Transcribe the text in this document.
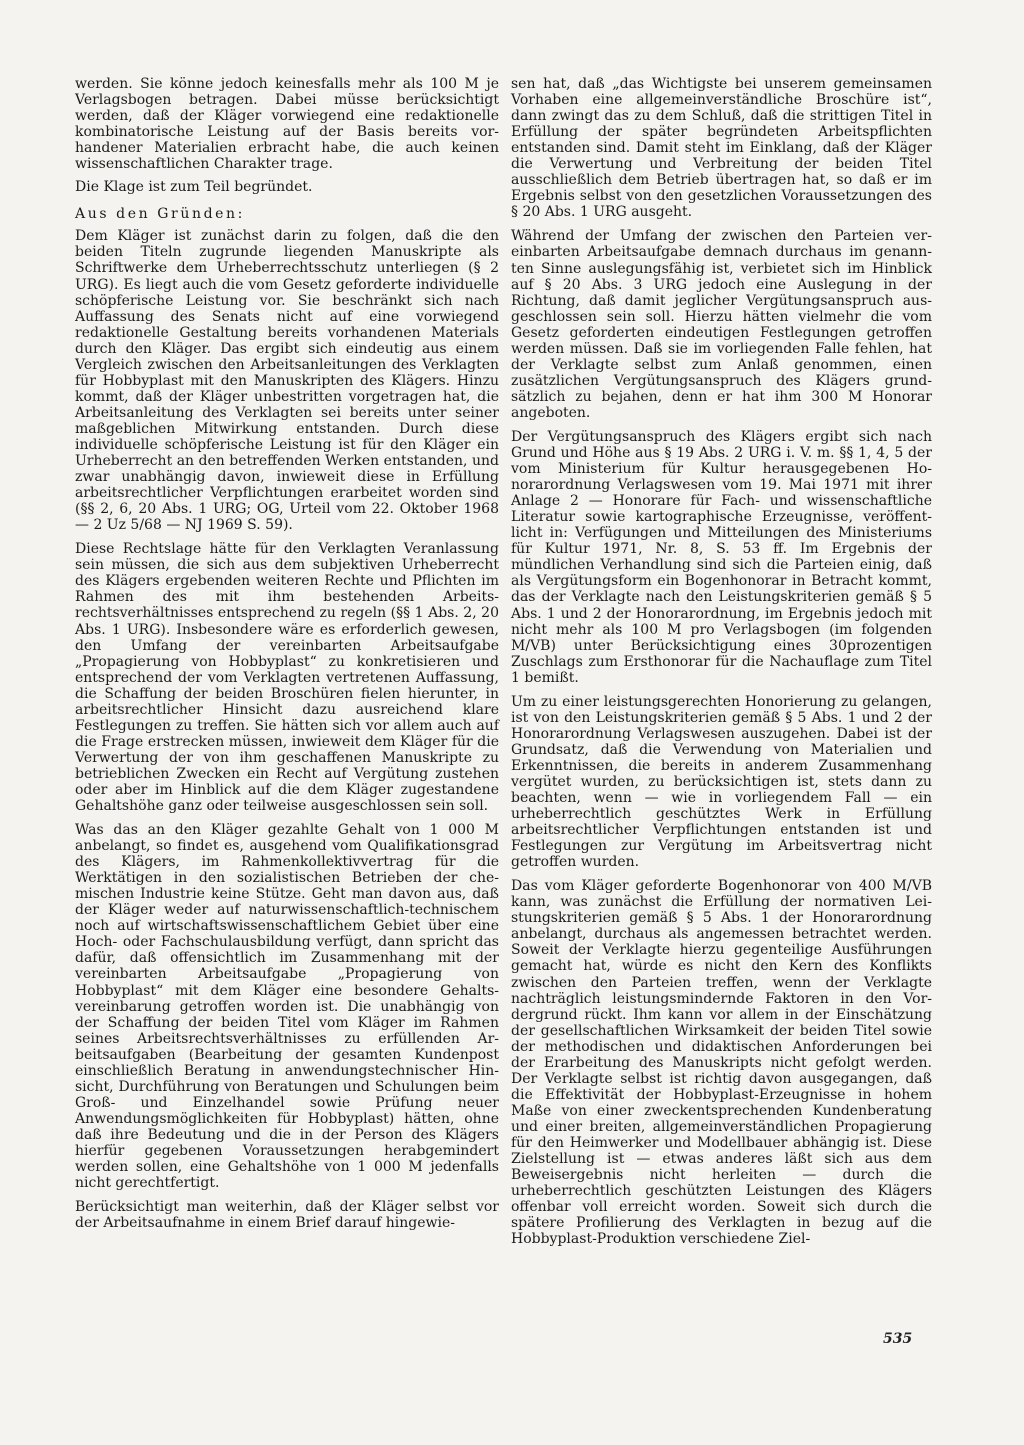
werden. Sie könne jedoch keinesfalls mehr als 100 M je Verlagsbogen betragen. Dabei müsse berücksichtigt werden, daß der Kläger vorwiegend eine redaktionelle kombinatorische Leistung auf der Basis bereits vorhandener Materialien erbracht habe, die auch keinen wissenschaftlichen Charakter trage.

Die Klage ist zum Teil begründet.

Aus den Gründen:

Dem Kläger ist zunächst darin zu folgen, daß die den beiden Titeln zugrunde liegenden Manuskripte als Schriftwerke dem Urheberrechtsschutz unterliegen (§ 2 URG). Es liegt auch die vom Gesetz geforderte individuelle schöpferische Leistung vor. Sie beschränkt sich nach Auffassung des Senats nicht auf eine vorwiegend redaktionelle Gestaltung bereits vorhandenen Materials durch den Kläger. Das ergibt sich eindeutig aus einem Vergleich zwischen den Arbeitsanleitungen des Verklagten für Hobbyplast mit den Manuskripten des Klägers. Hinzu kommt, daß der Kläger unbestritten vorgetragen hat, die Arbeitsanleitung des Verklagten sei bereits unter seiner maßgeblichen Mitwirkung entstanden. Durch diese individuelle schöpferische Leistung ist für den Kläger ein Urheberrecht an den betreffenden Werken entstanden, und zwar unabhängig davon, inwieweit diese in Erfüllung arbeitsrechtlicher Verpflichtungen erarbeitet worden sind (§§ 2, 6, 20 Abs. 1 URG; OG, Urteil vom 22. Oktober 1968 — 2 Uz 5/68 — NJ 1969 S. 59).

Diese Rechtslage hätte für den Verklagten Veranlassung sein müssen, die sich aus dem subjektiven Urheberrecht des Klägers ergebenden weiteren Rechte und Pflichten im Rahmen des mit ihm bestehenden Arbeitsrechtsverhältnisses entsprechend zu regeln (§§ 1 Abs. 2, 20 Abs. 1 URG). Insbesondere wäre es erforderlich gewesen, den Umfang der vereinbarten Arbeitsaufgabe „Propagierung von Hobbyplast“ zu konkretisieren und entsprechend der vom Verklagten vertretenen Auffassung, die Schaffung der beiden Broschüren fielen hierunter, in arbeitsrechtlicher Hinsicht dazu ausreichend klare Festlegungen zu treffen. Sie hätten sich vor allem auch auf die Frage erstrecken müssen, inwieweit dem Kläger für die Verwertung der von ihm geschaffenen Manuskripte zu betrieblichen Zwecken ein Recht auf Vergütung zustehen oder aber im Hinblick auf die dem Kläger zugestandene Gehaltshöhe ganz oder teilweise ausgeschlossen sein soll.

Was das an den Kläger gezahlte Gehalt von 1 000 M anbelangt, so findet es, ausgehend vom Qualifikationsgrad des Klägers, im Rahmenkollektivvertrag für die Werktätigen in den sozialistischen Betrieben der chemischen Industrie keine Stütze. Geht man davon aus, daß der Kläger weder auf naturwissenschaftlich-technischem noch auf wirtschaftswissenschaftlichem Gebiet über eine Hoch- oder Fachschulausbildung verfügt, dann spricht das dafür, daß offensichtlich im Zusammenhang mit der vereinbarten Arbeitsaufgabe „Propagierung von Hobbyplast“ mit dem Kläger eine besondere Gehaltsvereinbarung getroffen worden ist. Die unabhängig von der Schaffung der beiden Titel vom Kläger im Rahmen seines Arbeitsrechtsverhältnisses zu erfüllenden Arbeitsaufgaben (Bearbeitung der gesamten Kundenpost einschließlich Beratung in anwendungstechnischer Hinsicht, Durchführung von Beratungen und Schulungen beim Groß- und Einzelhandel sowie Prüfung neuer Anwendungsmöglichkeiten für Hobbyplast) hätten, ohne daß ihre Bedeutung und die in der Person des Klägers hierfür gegebenen Voraussetzungen herabgemindert werden sollen, eine Gehaltshöhe von 1 000 M jedenfalls nicht gerechtfertigt.

Berücksichtigt man weiterhin, daß der Kläger selbst vor der Arbeitsaufnahme in einem Brief darauf hingewie-

sen hat, daß „das Wichtigste bei unserem gemeinsamen Vorhaben eine allgemeinverständliche Broschüre ist“, dann zwingt das zu dem Schluß, daß die strittigen Titel in Erfüllung der später begründeten Arbeitspflichten entstanden sind. Damit steht im Einklang, daß der Kläger die Verwertung und Verbreitung der beiden Titel ausschließlich dem Betrieb übertragen hat, so daß er im Ergebnis selbst von den gesetzlichen Voraussetzungen des § 20 Abs. 1 URG ausgeht.

Während der Umfang der zwischen den Parteien vereinbarten Arbeitsaufgabe demnach durchaus im genannten Sinne auslegungsfähig ist, verbietet sich im Hinblick auf § 20 Abs. 3 URG jedoch eine Auslegung in der Richtung, daß damit jeglicher Vergütungsanspruch ausgeschlossen sein soll. Hierzu hätten vielmehr die vom Gesetz geforderten eindeutigen Festlegungen getroffen werden müssen. Daß sie im vorliegenden Falle fehlen, hat der Verklagte selbst zum Anlaß genommen, einen zusätzlichen Vergütungsanspruch des Klägers grundsätzlich zu bejahen, denn er hat ihm 300 M Honorar angeboten.

Der Vergütungsanspruch des Klägers ergibt sich nach Grund und Höhe aus § 19 Abs. 2 URG i. V. m. §§ 1, 4, 5 der vom Ministerium für Kultur herausgegebenen Honorarordnung Verlagswesen vom 19. Mai 1971 mit ihrer Anlage 2 — Honorare für Fach- und wissenschaftliche Literatur sowie kartographische Erzeugnisse, veröffentlicht in: Verfügungen und Mitteilungen des Ministeriums für Kultur 1971, Nr. 8, S. 53 ff. Im Ergebnis der mündlichen Verhandlung sind sich die Parteien einig, daß als Vergütungsform ein Bogenhonorar in Betracht kommt, das der Verklagte nach den Leistungskriterien gemäß § 5 Abs. 1 und 2 der Honorarordnung, im Ergebnis jedoch mit nicht mehr als 100 M pro Verlagsbogen (im folgenden M/VB) unter Berücksichtigung eines 30prozentigen Zuschlags zum Ersthonorar für die Nachauflage zum Titel 1 bemißt.

Um zu einer leistungsgerechten Honorierung zu gelangen, ist von den Leistungskriterien gemäß § 5 Abs. 1 und 2 der Honorarordnung Verlagswesen auszugehen. Dabei ist der Grundsatz, daß die Verwendung von Materialien und Erkenntnissen, die bereits in anderem Zusammenhang vergütet wurden, zu berücksichtigen ist, stets dann zu beachten, wenn — wie in vorliegendem Fall — ein urheberrechtlich geschütztes Werk in Erfüllung arbeitsrechtlicher Verpflichtungen entstanden ist und Festlegungen zur Vergütung im Arbeitsvertrag nicht getroffen wurden.

Das vom Kläger geforderte Bogenhonorar von 400 M/VB kann, was zunächst die Erfüllung der normativen Leistungskriterien gemäß § 5 Abs. 1 der Honorarordnung anbelangt, durchaus als angemessen betrachtet werden. Soweit der Verklagte hierzu gegenteilige Ausführungen gemacht hat, würde es nicht den Kern des Konflikts zwischen den Parteien treffen, wenn der Verklagte nachträglich leistungsmindernde Faktoren in den Vordergrund rückt. Ihm kann vor allem in der Einschätzung der gesellschaftlichen Wirksamkeit der beiden Titel sowie der methodischen und didaktischen Anforderungen bei der Erarbeitung des Manuskripts nicht gefolgt werden. Der Verklagte selbst ist richtig davon ausgegangen, daß die Effektivität der Hobbyplast-Erzeugnisse in hohem Maße von einer zweckentsprechenden Kundenberatung und einer breiten, allgemeinverständlichen Propagierung für den Heimwerker und Modellbauer abhängig ist. Diese Zielstellung ist — etwas anderes läßt sich aus dem Beweisergebnis nicht herleiten — durch die urheberrechtlich geschützten Leistungen des Klägers offenbar voll erreicht worden. Soweit sich durch die spätere Profilierung des Verklagten in bezug auf die Hobbyplast-Produktion verschiedene Ziel-

535
